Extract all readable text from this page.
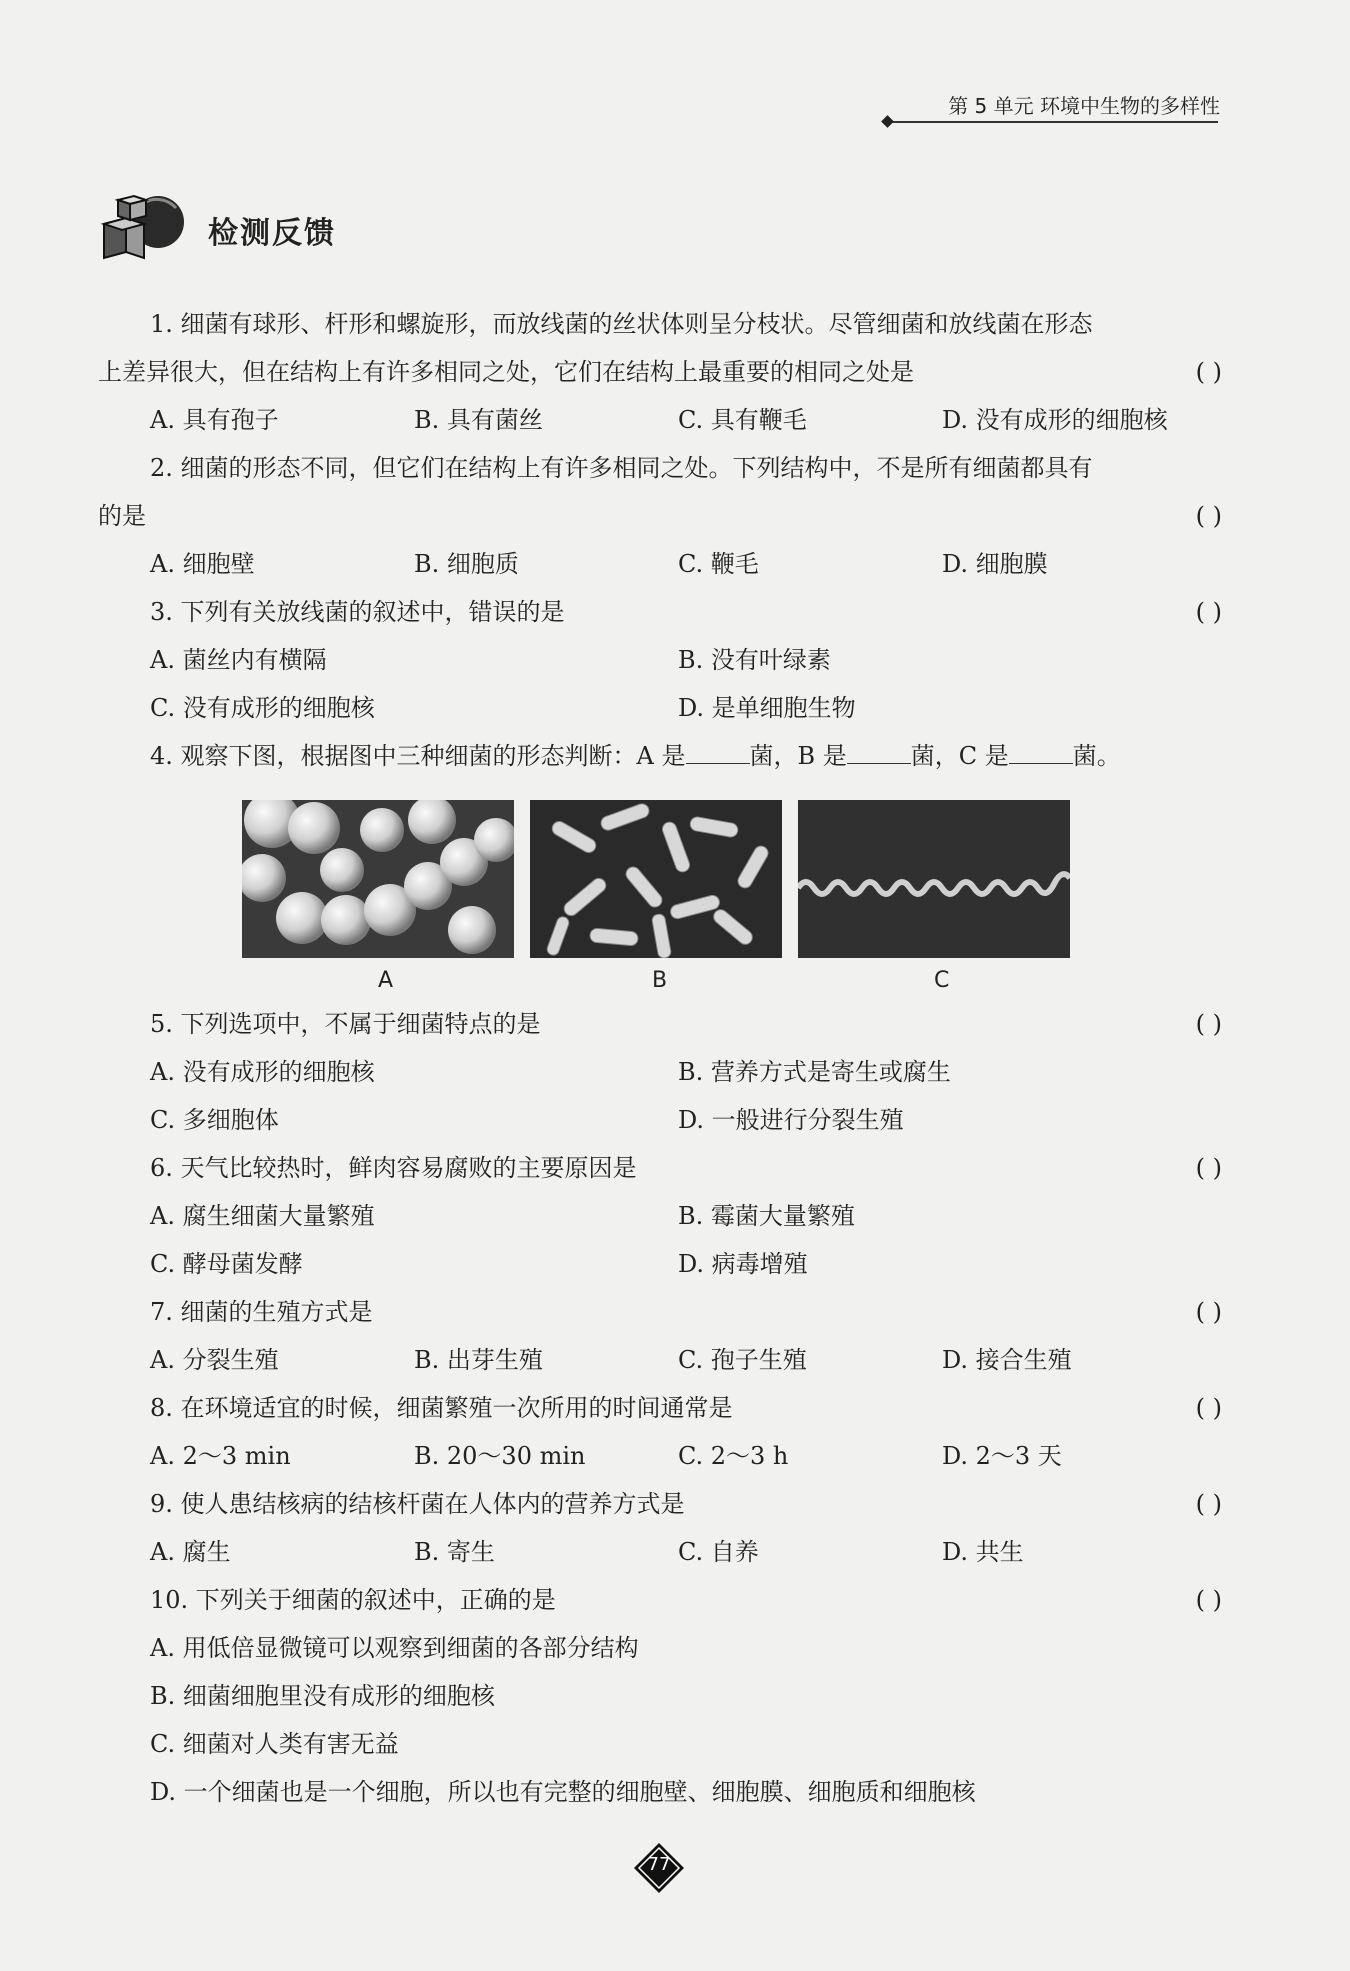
第 5 单元 环境中生物的多样性
检测反馈
1. 细菌有球形、杆形和螺旋形，而放线菌的丝状体则呈分枝状。尽管细菌和放线菌在形态
上差异很大，但在结构上有许多相同之处，它们在结构上最重要的相同之处是	( )
A. 具有孢子	B. 具有菌丝	C. 具有鞭毛	D. 没有成形的细胞核
2. 细菌的形态不同，但它们在结构上有许多相同之处。下列结构中，不是所有细菌都具有
的是	( )
A. 细胞壁	B. 细胞质	C. 鞭毛	D. 细胞膜
3. 下列有关放线菌的叙述中，错误的是	( )
A. 菌丝内有横隔	B. 没有叶绿素
C. 没有成形的细胞核	D. 是单细胞生物
4. 观察下图，根据图中三种细菌的形态判断：A 是	菌，B 是	菌，C 是	菌。
A	B	C
5. 下列选项中，不属于细菌特点的是	( )
A. 没有成形的细胞核	B. 营养方式是寄生或腐生
C. 多细胞体	D. 一般进行分裂生殖
6. 天气比较热时，鲜肉容易腐败的主要原因是	( )
A. 腐生细菌大量繁殖	B. 霉菌大量繁殖
C. 酵母菌发酵	D. 病毒增殖
7. 细菌的生殖方式是	( )
A. 分裂生殖	B. 出芽生殖	C. 孢子生殖	D. 接合生殖
8. 在环境适宜的时候，细菌繁殖一次所用的时间通常是	( )
A. 2～3 min	B. 20～30 min	C. 2～3 h	D. 2～3 天
9. 使人患结核病的结核杆菌在人体内的营养方式是	( )
A. 腐生	B. 寄生	C. 自养	D. 共生
10. 下列关于细菌的叙述中，正确的是	( )
A. 用低倍显微镜可以观察到细菌的各部分结构
B. 细菌细胞里没有成形的细胞核
C. 细菌对人类有害无益
D. 一个细菌也是一个细胞，所以也有完整的细胞壁、细胞膜、细胞质和细胞核
77
